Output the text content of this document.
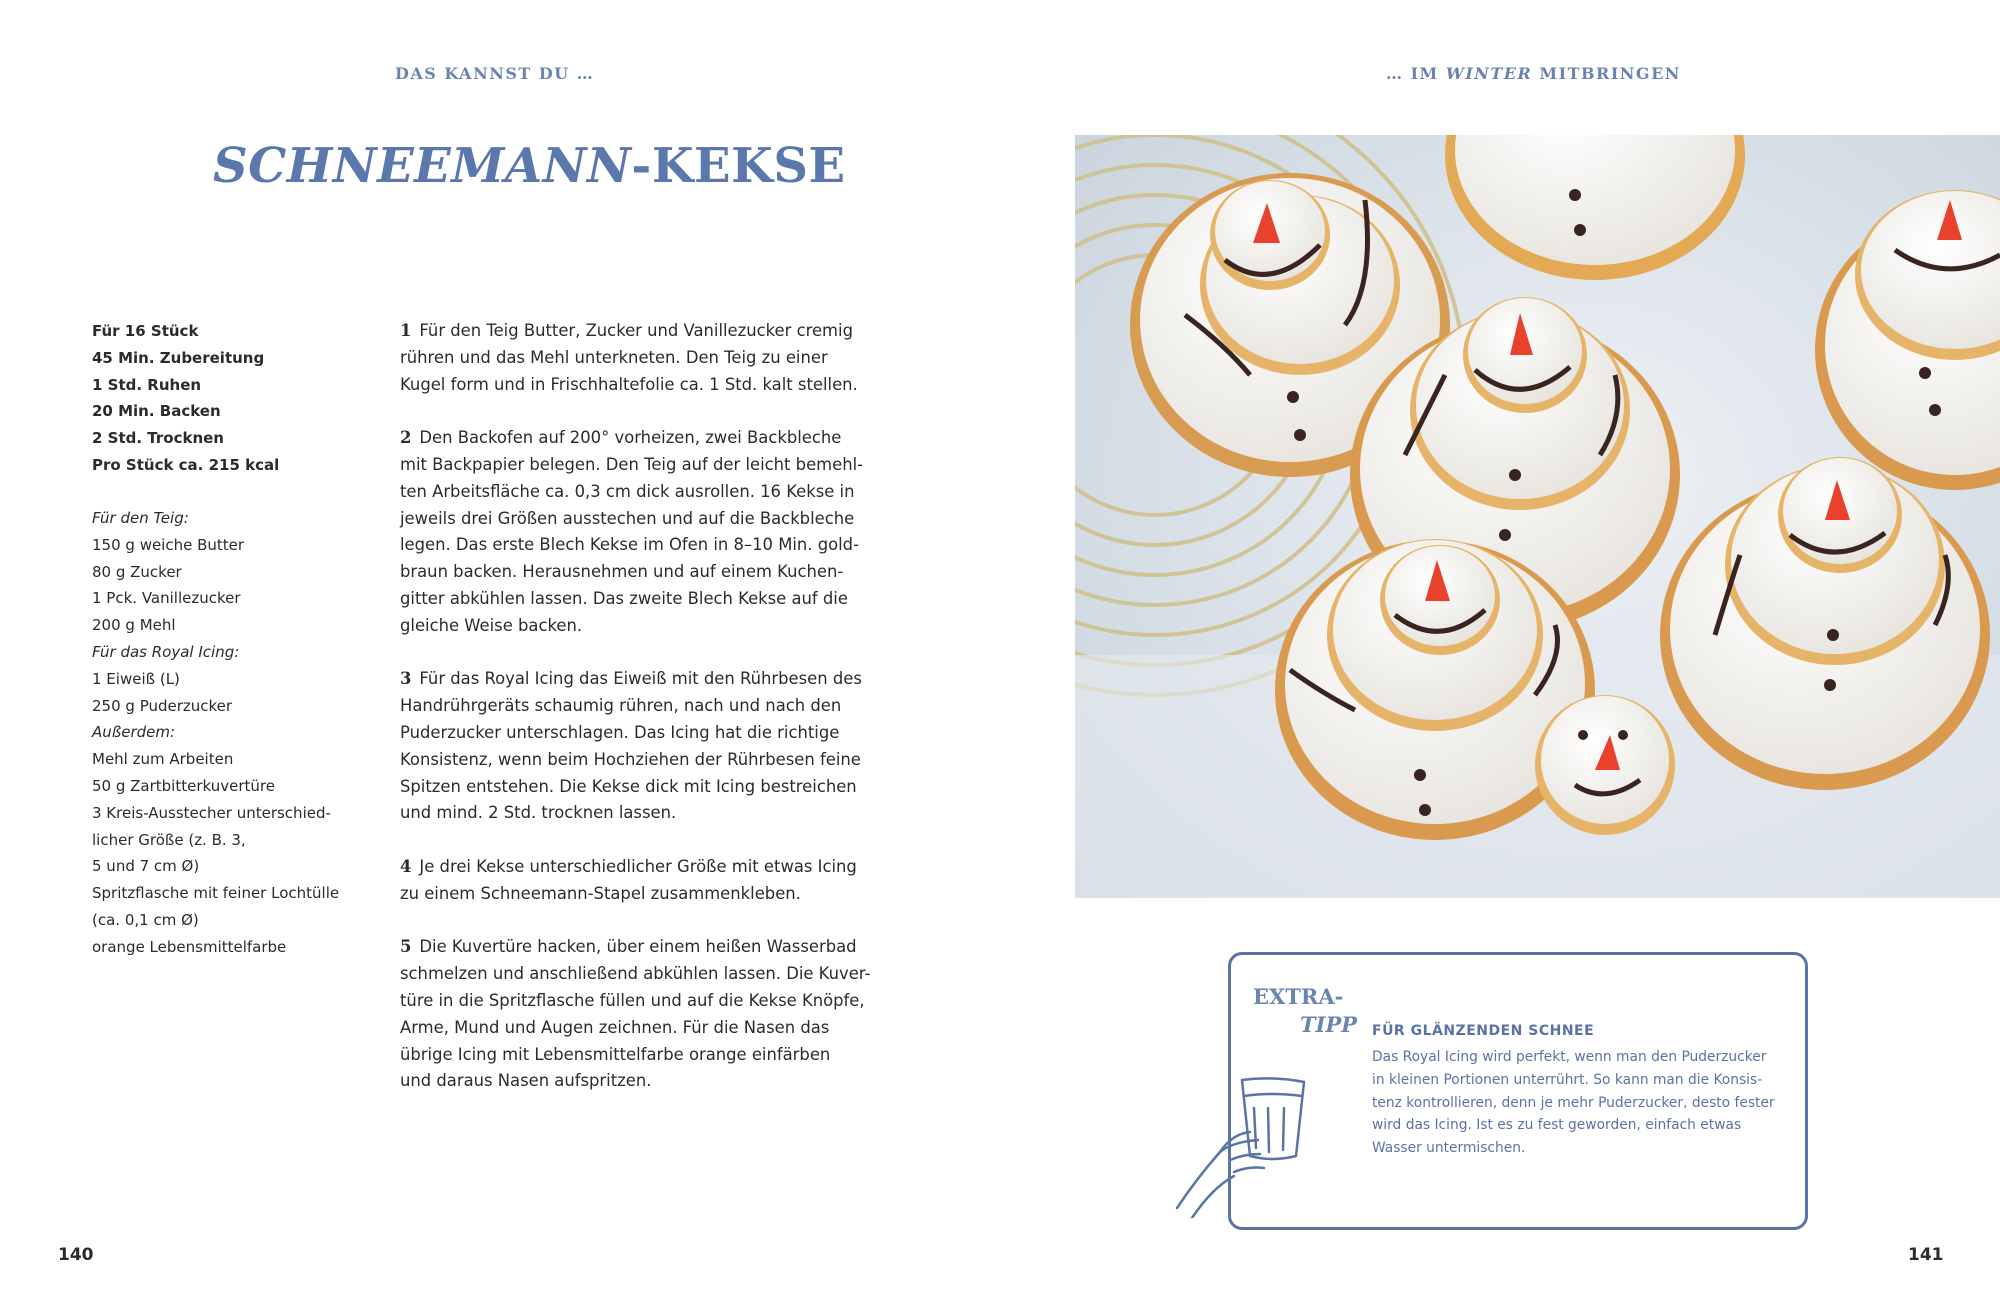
DAS KANNST DU …	… IM WINTER MITBRINGEN
SCHNEEMANN-KEKSE
Für 16 Stück
45 Min. Zubereitung
1 Std. Ruhen
20 Min. Backen
2 Std. Trocknen
Pro Stück ca. 215 kcal
Für den Teig:
150 g weiche Butter
80 g Zucker
1 Pck. Vanillezucker
200 g Mehl
Für das Royal Icing:
1 Eiweiß (L)
250 g Puderzucker
Außerdem:
Mehl zum Arbeiten
50 g Zartbitterkuvertüre
3 Kreis-Ausstecher unterschied-
licher Größe (z. B. 3,
5 und 7 cm Ø)
Spritzflasche mit feiner Lochtülle
(ca. 0,1 cm Ø)
orange Lebensmittelfarbe
1 Für den Teig Butter, Zucker und Vanillezucker cremig
rühren und das Mehl unterkneten. Den Teig zu einer
Kugel form und in Frischhaltefolie ca. 1 Std. kalt stellen.
2 Den Backofen auf 200° vorheizen, zwei Backbleche
mit Backpapier belegen. Den Teig auf der leicht bemehl-
ten Arbeitsfläche ca. 0,3 cm dick ausrollen. 16 Kekse in
jeweils drei Größen ausstechen und auf die Backbleche
legen. Das erste Blech Kekse im Ofen in 8–10 Min. gold-
braun backen. Herausnehmen und auf einem Kuchen-
gitter abkühlen lassen. Das zweite Blech Kekse auf die
gleiche Weise backen.
3 Für das Royal Icing das Eiweiß mit den Rührbesen des
Handrührgeräts schaumig rühren, nach und nach den
Puderzucker unterschlagen. Das Icing hat die richtige
Konsistenz, wenn beim Hochziehen der Rührbesen feine
Spitzen entstehen. Die Kekse dick mit Icing bestreichen
und mind. 2 Std. trocknen lassen.
4 Je drei Kekse unterschiedlicher Größe mit etwas Icing
zu einem Schneemann-Stapel zusammenkleben.
5 Die Kuvertüre hacken, über einem heißen Wasserbad
schmelzen und anschließend abkühlen lassen. Die Kuver-
türe in die Spritzflasche füllen und auf die Kekse Knöpfe,
Arme, Mund und Augen zeichnen. Für die Nasen das
übrige Icing mit Lebensmittelfarbe orange einfärben
und daraus Nasen aufspritzen.
140	141
EXTRA-
TIPP FÜR GLÄNZENDEN SCHNEE
Das Royal Icing wird perfekt, wenn man den Puderzucker
in kleinen Portionen unterrührt. So kann man die Konsis-
tenz kontrollieren, denn je mehr Puderzucker, desto fester
wird das Icing. Ist es zu fest geworden, einfach etwas
Wasser untermischen.
